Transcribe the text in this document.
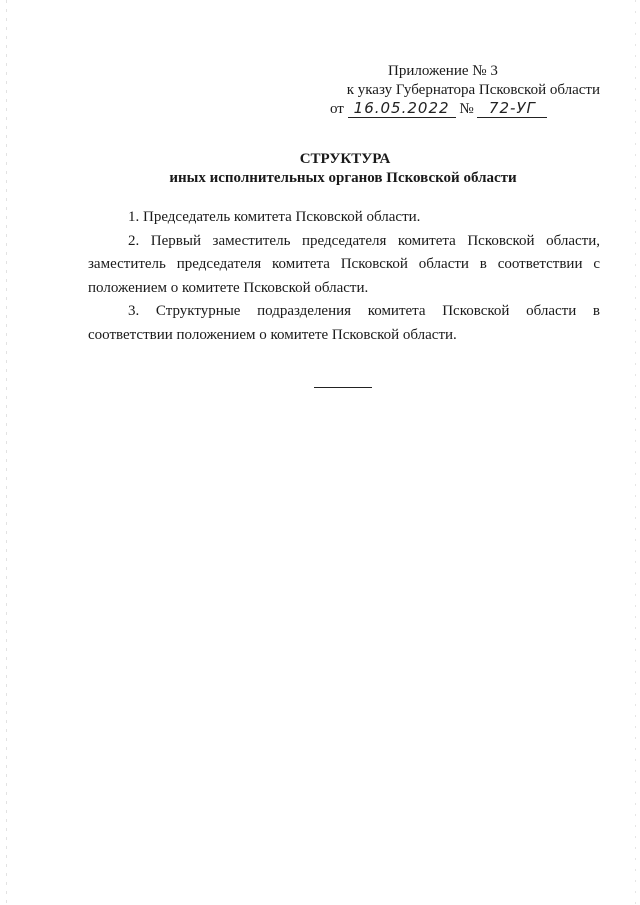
Приложение № 3
к указу Губернатора Псковской области
от 16.05.2022 № 72-УГ
СТРУКТУРА
иных исполнительных органов Псковской области

1. Председатель комитета Псковской области.

2. Первый заместитель председателя комитета Псковской области, заместитель председателя комитета Псковской области в соответствии с положением о комитете Псковской области.

3. Структурные подразделения комитета Псковской области в соответствии положением о комитете Псковской области.
